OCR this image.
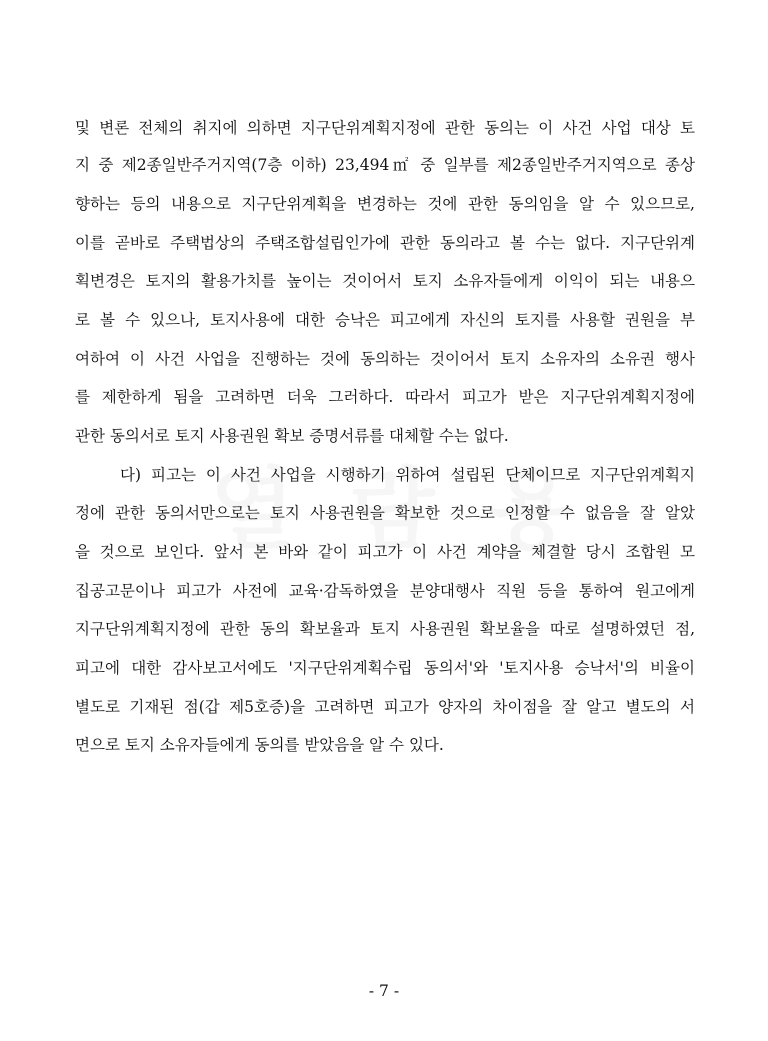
및 변론 전체의 취지에 의하면 지구단위계획지정에 관한 동의는 이 사건 사업 대상 토
지 중 제2종일반주거지역(7층 이하) 23,494㎡ 중 일부를 제2종일반주거지역으로 종상
향하는 등의 내용으로 지구단위계획을 변경하는 것에 관한 동의임을 알 수 있으므로,
이를 곧바로 주택법상의 주택조합설립인가에 관한 동의라고 볼 수는 없다. 지구단위계
획변경은 토지의 활용가치를 높이는 것이어서 토지 소유자들에게 이익이 되는 내용으
로 볼 수 있으나, 토지사용에 대한 승낙은 피고에게 자신의 토지를 사용할 권원을 부
여하여 이 사건 사업을 진행하는 것에 동의하는 것이어서 토지 소유자의 소유권 행사
를 제한하게 됨을 고려하면 더욱 그러하다. 따라서 피고가 받은 지구단위계획지정에
관한 동의서로 토지 사용권원 확보 증명서류를 대체할 수는 없다.
다) 피고는 이 사건 사업을 시행하기 위하여 설립된 단체이므로 지구단위계획지
정에 관한 동의서만으로는 토지 사용권원을 확보한 것으로 인정할 수 없음을 잘 알았
을 것으로 보인다. 앞서 본 바와 같이 피고가 이 사건 계약을 체결할 당시 조합원 모
집공고문이나 피고가 사전에 교육·감독하였을 분양대행사 직원 등을 통하여 원고에게
지구단위계획지정에 관한 동의 확보율과 토지 사용권원 확보율을 따로 설명하였던 점,
피고에 대한 감사보고서에도 '지구단위계획수립 동의서'와 '토지사용 승낙서'의 비율이
별도로 기재된 점(갑 제5호증)을 고려하면 피고가 양자의 차이점을 잘 알고 별도의 서
면으로 토지 소유자들에게 동의를 받았음을 알 수 있다.
- 7 -
